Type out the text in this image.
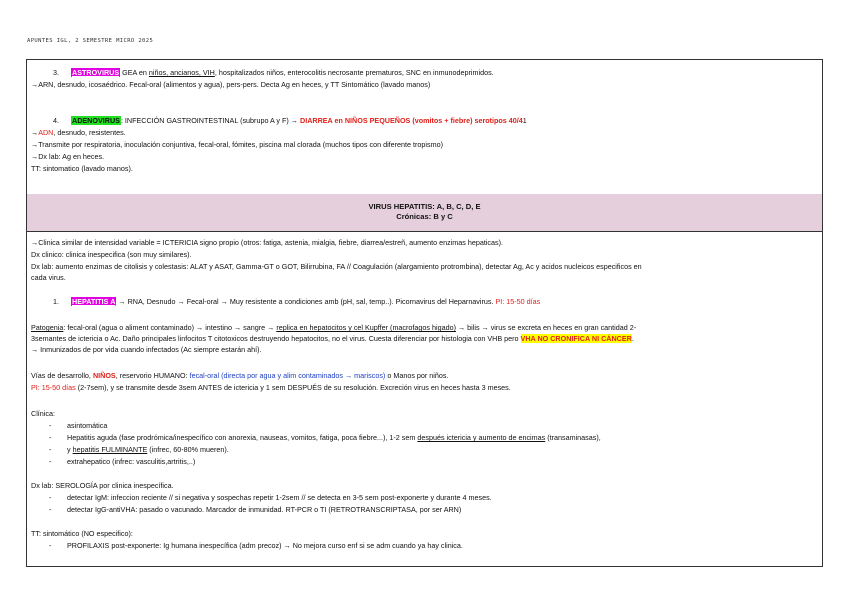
APUNTES IGL, 2 SEMESTRE MICRO 2025
3. ASTROVIRUS GEA en niños, ancianos, VIH, hospitalizados niños, enterocolitis necrosante prematuros, SNC en inmunodeprimidos.
→ARN, desnudo, icosaédrico. Fecal-oral (alimentos y agua), pers-pers. Decta Ag en heces, y TT Sintomático (lavado manos)
4. ADENOVIRUS: INFECCIÓN GASTROINTESTINAL (subrupo A y F) → DIARREA en NIÑOS PEQUEÑOS (vomitos + fiebre) serotipos 40/41
→ADN, desnudo, resistentes.
→Transmite por respiratoria, inoculación conjuntiva, fecal-oral, fómites, piscina mal clorada (muchos tipos con diferente tropismo)
→Dx lab: Ag en heces.
TT: sintomatico (lavado manos).
VIRUS HEPATITIS: A, B, C, D, E
Crónicas: B y C
→Clinica similar de intensidad variable = ICTERICIA signo propio (otros: fatiga, astenia, mialgia, fiebre, diarrea/estreñ, aumento enzimas hepaticas).
Dx clinico: clinica inespecifica (son muy similares).
Dx lab: aumento enzimas de citolisis y colestasis: ALAT y ASAT, Gamma-GT o GOT, Bilirrubina, FA // Coagulación (alargamiento protrombina), detectar Ag, Ac y acidos nucleicos especificos en
cada virus.
1. HEPATITIS A → RNA, Desnudo → Fecal-oral → Muy resistente a condiciones amb (pH, sal, temp..). Picornavirus del Heparnavirus. PI: 15-50 días
Patogenia: fecal-oral (agua o aliment contaminado) → intestino → sangre → replica en hepatocitos y cel Kupffer (macrofagos higado) → bilis → virus se excreta en heces en gran cantidad 2-
3semantes de ictericia o Ac. Daño principales linfocitos T citotoxicos destruyendo hepatocitos, no el virus. Cuesta diferenciar por histologia con VHB pero VHA NO CRONIFICA NI CÁNCER.
→ Inmunizados de por vida cuando infectados (Ac siempre estarán ahí).
Vías de desarrollo, NIÑOS, reservorio HUMANO: fecal-oral (directa por agua y alim contaminados → mariscos) o Manos por niños.
PI: 15-50 días (2-7sem), y se transmite desde 3sem ANTES de ictericia y 1 sem DESPUÉS de su resolución. Excreción virus en heces hasta 3 meses.
Clínica:
- asintomática
- Hepatitis aguda (fase prodrómica/inespecífico con anorexia, nauseas, vomitos, fatiga, poca fiebre...), 1-2 sem después ictericia y aumento de encimas (transaminasas),
- y hepatitis FULMINANTE (infrec, 60-80% mueren).
- extrahepatico (infrec: vasculitis,artritis,..)
Dx lab: SEROLOGÍA por clinica inespecífica.
- detectar IgM: infeccion reciente // si negativa y sospechas repetir 1-2sem // se detecta en 3-5 sem post-exponerte y durante 4 meses.
- detectar IgG-antiVHA: pasado o vacunado. Marcador de inmunidad. RT-PCR o TI (RETROTRANSCRIPTASA, por ser ARN)
TT: sintomático (NO especifico):
- PROFILAXIS post-exponerte: Ig humana inespecífica (adm precoz) → No mejora curso enf si se adm cuando ya hay clinica.
